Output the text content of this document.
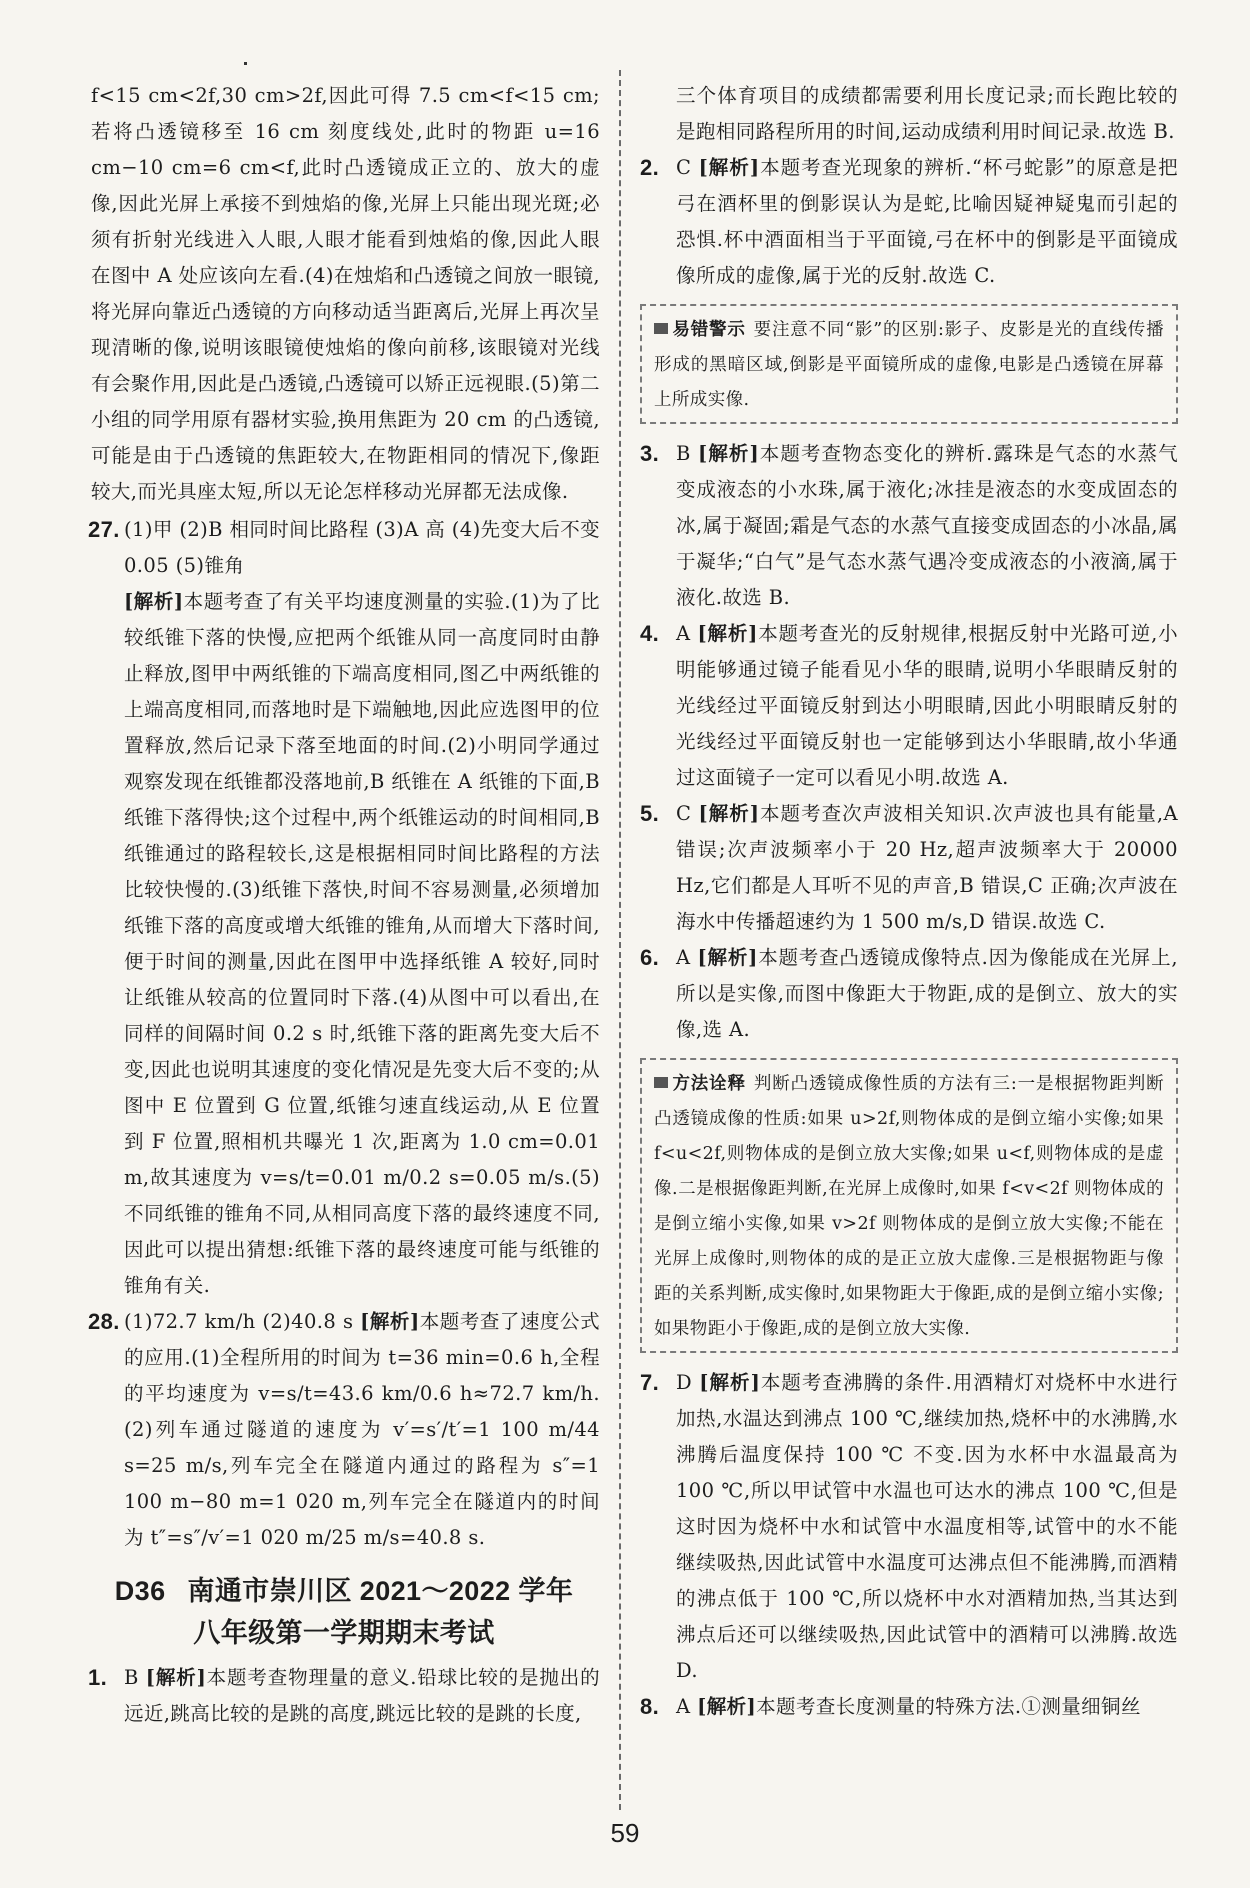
f<15 cm<2f,30 cm>2f,因此可得 7.5 cm<f<15 cm;若将凸透镜移至 16 cm 刻度线处,此时的物距 u=16 cm−10 cm=6 cm<f,此时凸透镜成正立的、放大的虚像,因此光屏上承接不到烛焰的像,光屏上只能出现光斑;必须有折射光线进入人眼,人眼才能看到烛焰的像,因此人眼在图中 A 处应该向左看.(4)在烛焰和凸透镜之间放一眼镜,将光屏向靠近凸透镜的方向移动适当距离后,光屏上再次呈现清晰的像,说明该眼镜使烛焰的像向前移,该眼镜对光线有会聚作用,因此是凸透镜,凸透镜可以矫正远视眼.(5)第二小组的同学用原有器材实验,换用焦距为 20 cm 的凸透镜,可能是由于凸透镜的焦距较大,在物距相同的情况下,像距较大,而光具座太短,所以无论怎样移动光屏都无法成像.

27. (1)甲 (2)B 相同时间比路程 (3)A 高 (4)先变大后不变 0.05 (5)锥角

[解析]本题考查了有关平均速度测量的实验.(1)为了比较纸锥下落的快慢,应把两个纸锥从同一高度同时由静止释放,图甲中两纸锥的下端高度相同,图乙中两纸锥的上端高度相同,而落地时是下端触地,因此应选图甲的位置释放,然后记录下落至地面的时间.(2)小明同学通过观察发现在纸锥都没落地前,B 纸锥在 A 纸锥的下面,B 纸锥下落得快;这个过程中,两个纸锥运动的时间相同,B 纸锥通过的路程较长,这是根据相同时间比路程的方法比较快慢的.(3)纸锥下落快,时间不容易测量,必须增加纸锥下落的高度或增大纸锥的锥角,从而增大下落时间,便于时间的测量,因此在图甲中选择纸锥 A 较好,同时让纸锥从较高的位置同时下落.(4)从图中可以看出,在同样的间隔时间 0.2 s 时,纸锥下落的距离先变大后不变,因此也说明其速度的变化情况是先变大后不变的;从图中 E 位置到 G 位置,纸锥匀速直线运动,从 E 位置到 F 位置,照相机共曝光 1 次,距离为 1.0 cm=0.01 m,故其速度为 v=s/t=0.01 m/0.2 s=0.05 m/s.(5)不同纸锥的锥角不同,从相同高度下落的最终速度不同,因此可以提出猜想:纸锥下落的最终速度可能与纸锥的锥角有关.

28. (1)72.7 km/h (2)40.8 s [解析]本题考查了速度公式的应用.(1)全程所用的时间为 t=36 min=0.6 h,全程的平均速度为 v=s/t=43.6 km/0.6 h≈72.7 km/h.(2)列车通过隧道的速度为 v′=s′/t′=1 100 m/44 s=25 m/s,列车完全在隧道内通过的路程为 s″=1 100 m−80 m=1 020 m,列车完全在隧道内的时间为 t″=s″/v′=1 020 m/25 m/s=40.8 s.
D36 南通市崇川区 2021～2022 学年
八年级第一学期期末考试
1. B [解析]本题考查物理量的意义.铅球比较的是抛出的远近,跳高比较的是跳的高度,跳远比较的是跳的长度,

三个体育项目的成绩都需要利用长度记录;而长跑比较的是跑相同路程所用的时间,运动成绩利用时间记录.故选 B.

2. C [解析]本题考查光现象的辨析.“杯弓蛇影”的原意是把弓在酒杯里的倒影误认为是蛇,比喻因疑神疑鬼而引起的恐惧.杯中酒面相当于平面镜,弓在杯中的倒影是平面镜成像所成的虚像,属于光的反射.故选 C.
易错警示 要注意不同“影”的区别:影子、皮影是光的直线传播形成的黑暗区域,倒影是平面镜所成的虚像,电影是凸透镜在屏幕上所成实像.
3. B [解析]本题考查物态变化的辨析.露珠是气态的水蒸气变成液态的小水珠,属于液化;冰挂是液态的水变成固态的冰,属于凝固;霜是气态的水蒸气直接变成固态的小冰晶,属于凝华;“白气”是气态水蒸气遇冷变成液态的小液滴,属于液化.故选 B.
4. A [解析]本题考查光的反射规律,根据反射中光路可逆,小明能够通过镜子能看见小华的眼睛,说明小华眼睛反射的光线经过平面镜反射到达小明眼睛,因此小明眼睛反射的光线经过平面镜反射也一定能够到达小华眼睛,故小华通过这面镜子一定可以看见小明.故选 A.
5. C [解析]本题考查次声波相关知识.次声波也具有能量,A 错误;次声波频率小于 20 Hz,超声波频率大于 20000 Hz,它们都是人耳听不见的声音,B 错误,C 正确;次声波在海水中传播超速约为 1 500 m/s,D 错误.故选 C.
6. A [解析]本题考查凸透镜成像特点.因为像能成在光屏上,所以是实像,而图中像距大于物距,成的是倒立、放大的实像,选 A.
方法诠释 判断凸透镜成像性质的方法有三:一是根据物距判断凸透镜成像的性质:如果 u>2f,则物体成的是倒立缩小实像;如果 f<u<2f,则物体成的是倒立放大实像;如果 u<f,则物体成的是虚像.二是根据像距判断,在光屏上成像时,如果 f<v<2f 则物体成的是倒立缩小实像,如果 v>2f 则物体成的是倒立放大实像;不能在光屏上成像时,则物体的成的是正立放大虚像.三是根据物距与像距的关系判断,成实像时,如果物距大于像距,成的是倒立缩小实像;如果物距小于像距,成的是倒立放大实像.
7. D [解析]本题考查沸腾的条件.用酒精灯对烧杯中水进行加热,水温达到沸点 100 ℃,继续加热,烧杯中的水沸腾,水沸腾后温度保持 100 ℃ 不变.因为水杯中水温最高为 100 ℃,所以甲试管中水温也可达水的沸点 100 ℃,但是这时因为烧杯中水和试管中水温度相等,试管中的水不能继续吸热,因此试管中水温度可达沸点但不能沸腾,而酒精的沸点低于 100 ℃,所以烧杯中水对酒精加热,当其达到沸点后还可以继续吸热,因此试管中的酒精可以沸腾.故选 D.
8. A [解析]本题考查长度测量的特殊方法.①测量细铜丝
59
